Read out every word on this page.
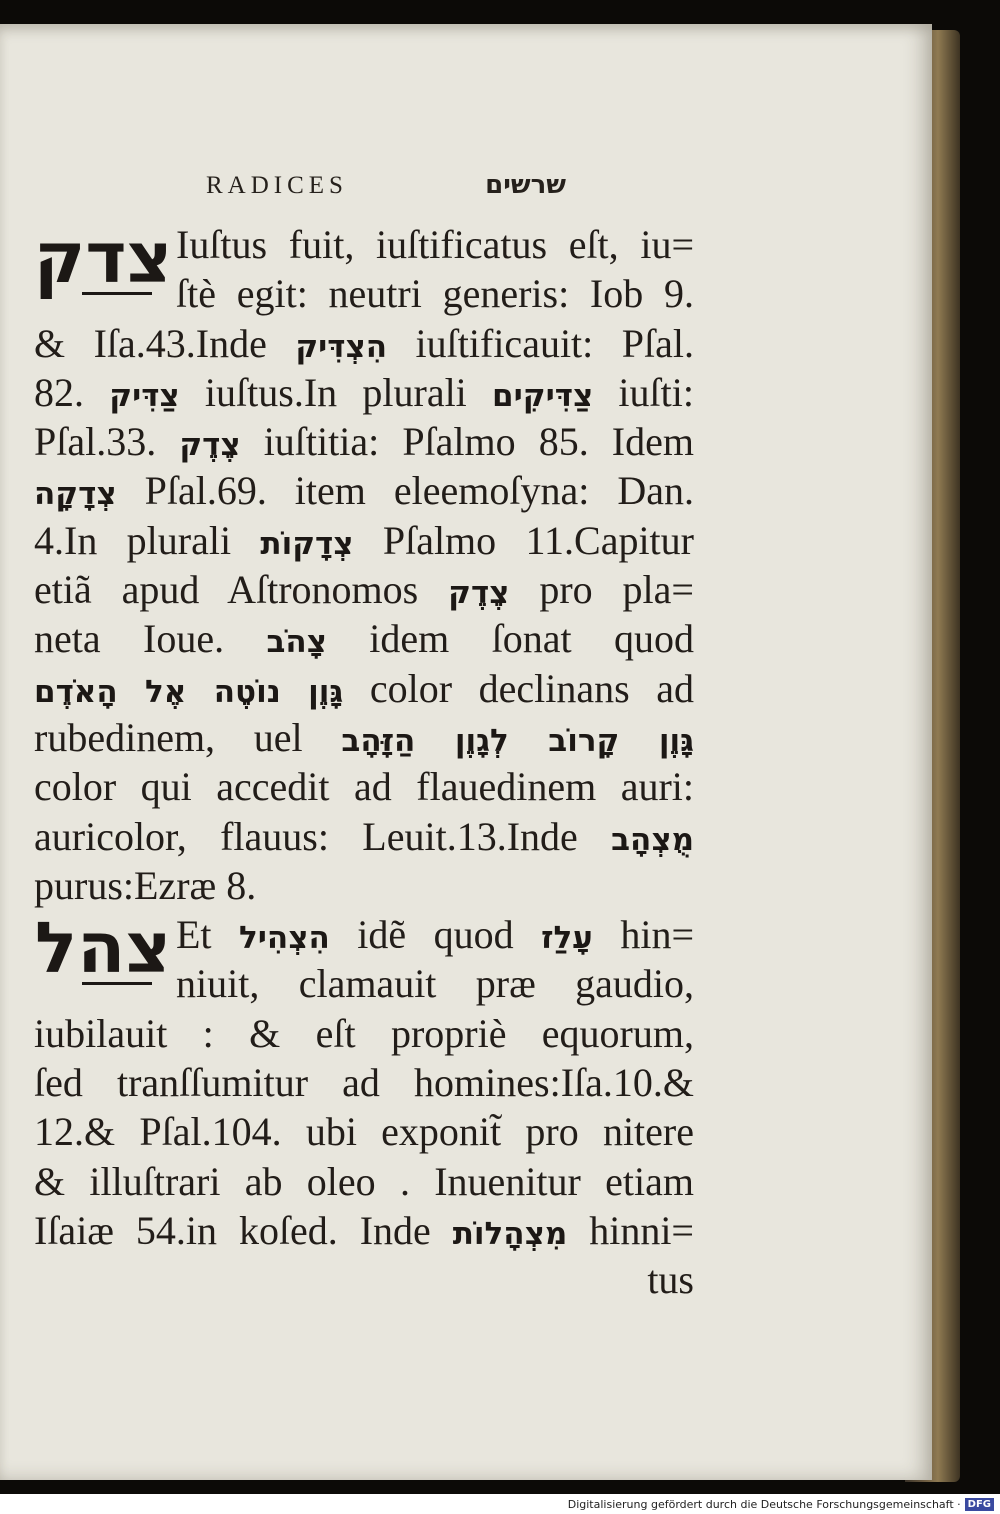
RADICES	שרשים
צדק
צהל
Iuſtus fuit, iuſtificatus eſt, iu=
ſtè egit: neutri generis: Iob 9.
& Iſa.43.Inde הִצְדִּיק iuſtificauit: Pſal.
82. צַדִּיק iuſtus.In plurali צַדִּיקִים iuſti:
Pſal.33. צֶדֶק iuſtitia: Pſalmo 85. Idem
צְדָקָה Pſal.69. item eleemoſyna: Dan.
4.In plurali צְדָקוֹת Pſalmo 11.Capitur
etiã apud Aſtronomos צֶדֶק pro pla=
neta Ioue. צָהֹב idem ſonat quod
גָּוֶן נוֹטֶה אֶל הָאֹדֶם color declinans ad
rubedinem, uel גָּוֶן קָרוֹב לְגָוֶן הַזָּהָב
color qui accedit ad flauedinem auri:
auricolor, flauus: Leuit.13.Inde מֻצְהָב
purus:Ezræ 8.
Et הִצְהִיל idẽ quod עָלַז hin=
niuit, clamauit præ gaudio,
iubilauit : & eſt propriè equorum,
ſed tranſſumitur ad homines:Iſa.10.&
12.& Pſal.104. ubi exponit̃ pro nitere
& illuſtrari ab oleo . Inuenitur etiam
Iſaiæ 54.in koſed. Inde מִצְהָלוֹת hinni=
tus
Digitalisierung gefördert durch die Deutsche Forschungsgemeinschaft · DFG
